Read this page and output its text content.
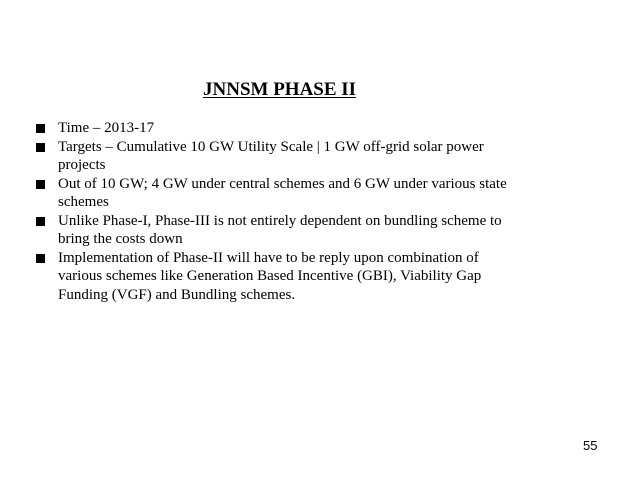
JNNSM PHASE II
Time – 2013-17
Targets – Cumulative 10 GW Utility Scale | 1 GW off-grid solar power
projects
Out of 10 GW; 4 GW under central schemes and 6 GW under various state
schemes
Unlike Phase-I, Phase-III is not entirely dependent on bundling scheme to
bring the costs down
Implementation of Phase-II will have to be reply upon combination of
various schemes like Generation Based Incentive (GBI), Viability Gap
Funding (VGF) and Bundling schemes.
55
